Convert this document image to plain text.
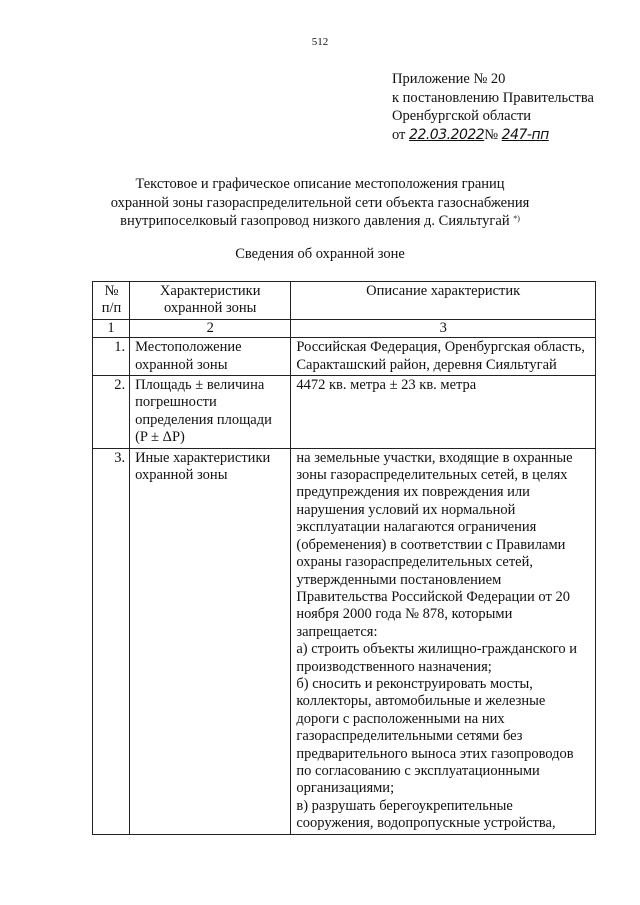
512
Приложение № 20
к постановлению Правительства
Оренбургской области
от 22.03.2022№ 247-пп
Текстовое и графическое описание местоположения границ
охранной зоны газораспределительной сети объекта газоснабжения
внутрипоселковый газопровод низкого давления д. Сияльтугай *)
Сведения об охранной зоне
№ п/п	Характеристики охранной зоны	Описание характеристик
1	2	3
1.	Местоположение охранной зоны	Российская Федерация, Оренбургская область, Саракташский район, деревня Сияльтугай

2.	Площадь ± величина погрешности определения площади (P ± ΔP)	4472 кв. метра ± 23 кв. метра

3.	Иные характеристики охранной зоны	на земельные участки, входящие в охранные зоны газораспределительных сетей, в целях предупреждения их повреждения или нарушения условий их нормальной эксплуатации налагаются ограничения (обременения) в соответствии с Правилами охраны газораспределительных сетей, утвержденными постановлением Правительства Российской Федерации от 20 ноября 2000 года № 878, которыми запрещается:
а) строить объекты жилищно-гражданского и производственного назначения;
б) сносить и реконструировать мосты, коллекторы, автомобильные и железные дороги с расположенными на них газораспределительными сетями без предварительного выноса этих газопроводов по согласованию с эксплуатационными организациями;
в) разрушать берегоукрепительные сооружения, водопропускные устройства,
